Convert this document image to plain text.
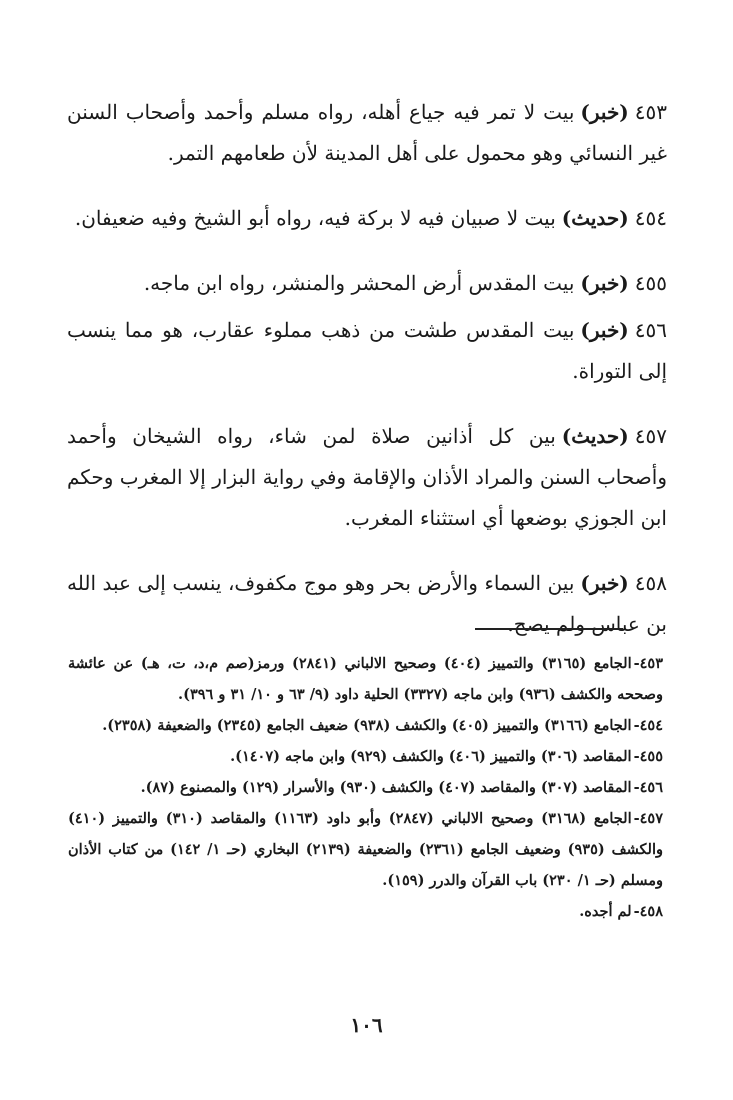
٤٥٣(خبر)بيت لا تمر فيه جياع أهله، رواه مسلم وأحمد وأصحاب السنن غير النسائي وهو محمول على أهل المدينة لأن طعامهم التمر.

٤٥٤(حديث)بيت لا صبيان فيه لا بركة فيه، رواه أبو الشيخ وفيه ضعيفان.

٤٥٥(خبر)بيت المقدس أرض المحشر والمنشر، رواه ابن ماجه.

٤٥٦(خبر)بيت المقدس طشت من ذهب مملوء عقارب، هو مما ينسب إلى التوراة.

٤٥٧(حديث)بين كل أذانين صلاة لمن شاء، رواه الشيخان وأحمد وأصحاب السنن والمراد الأذان والإقامة وفي رواية البزار إلا المغرب وحكم ابن الجوزي بوضعها أي استثناء المغرب.

٤٥٨(خبر)بين السماء والأرض بحر وهو موج مكفوف، ينسب إلى عبد الله بن عباس ولم يصح.

٤٥٣-الجامع (٣١٦٥) والتمييز (٤٠٤) وصحيح الالباني (٢٨٤١) ورمز(صم م،د، ت، هـ) عن عائشة وصححه والكشف (٩٣٦) وابن ماجه (٣٣٢٧) الحلية داود (٩/ ٦٣ و ١٠/ ٣١ و ٣٩٦).

٤٥٤-الجامع (٣١٦٦) والتمييز (٤٠٥) والكشف (٩٣٨) ضعيف الجامع (٢٣٤٥) والضعيفة (٢٣٥٨).

٤٥٥-المقاصد (٣٠٦) والتمييز (٤٠٦) والكشف (٩٢٩) وابن ماجه (١٤٠٧).

٤٥٦-المقاصد (٣٠٧) والمقاصد (٤٠٧) والكشف (٩٣٠) والأسرار (١٢٩) والمصنوع (٨٧).

٤٥٧-الجامع (٣١٦٨) وصحيح الالباني (٢٨٤٧) وأبو داود (١١٦٣) والمقاصد (٣١٠) والتمييز (٤١٠) والكشف (٩٣٥) وضعيف الجامع (٢٣٦١) والضعيفة (٢١٣٩) البخاري (حـ ١/ ١٤٢) من كتاب الأذان ومسلم (حـ ١/ ٢٣٠) باب القرآن والدرر (١٥٩).

٤٥٨-لم أجده.

١٠٦
